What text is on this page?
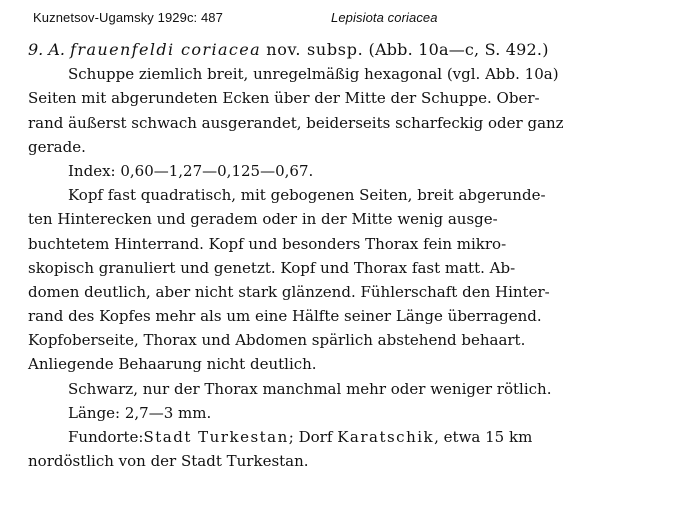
Kuznetsov-Ugamsky 1929c: 487	Lepisiota coriacea
9. A. frauenfeldi coriacea nov. subsp. (Abb. 10a—c, S. 492.)
Schuppe ziemlich breit, unregelmäßig hexagonal (vgl. Abb. 10a)
Seiten mit abgerundeten Ecken über der Mitte der Schuppe. Ober-
rand äußerst schwach ausgerandet, beiderseits scharfeckig oder ganz
gerade.
Index: 0,60—1,27—0,125—0,67.
Kopf fast quadratisch, mit gebogenen Seiten, breit abgerunde-
ten Hinterecken und geradem oder in der Mitte wenig ausge-
buchtetem Hinterrand. Kopf und besonders Thorax fein mikro-
skopisch granuliert und genetzt. Kopf und Thorax fast matt. Ab-
domen deutlich, aber nicht stark glänzend. Fühlerschaft den Hinter-
rand des Kopfes mehr als um eine Hälfte seiner Länge überragend.
Kopfoberseite, Thorax und Abdomen spärlich abstehend behaart.
Anliegende Behaarung nicht deutlich.
Schwarz, nur der Thorax manchmal mehr oder weniger rötlich.
Länge: 2,7—3 mm.
Fundorte:Stadt Turkestan; Dorf Karatschik, etwa 15 km
nordöstlich von der Stadt Turkestan.
